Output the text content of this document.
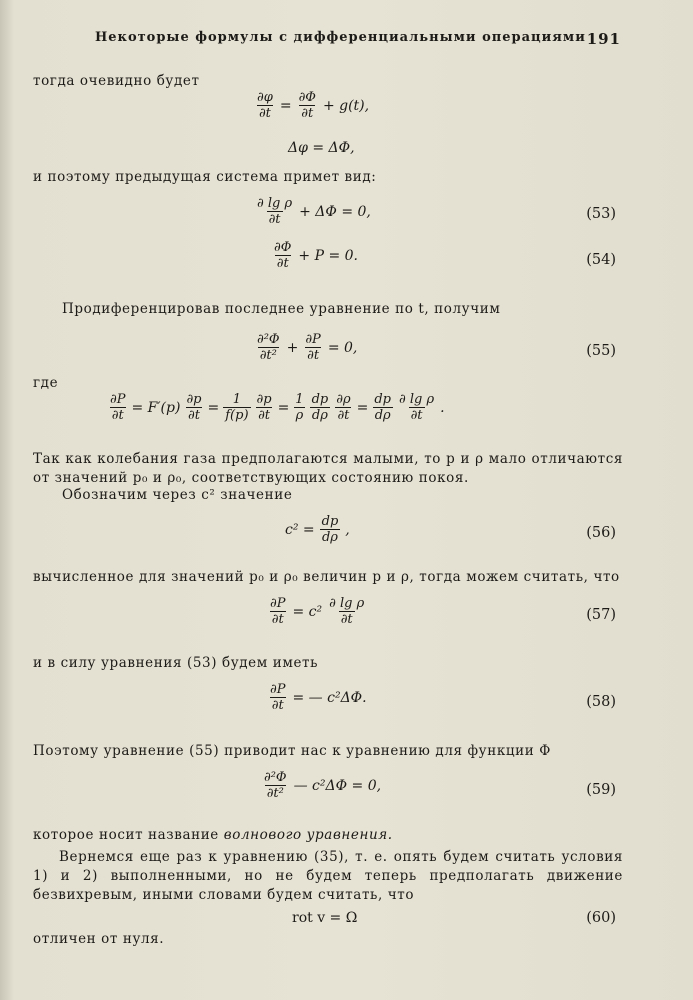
Некоторые формулы с дифференциальными операциями 191
тогда очевидно будет
$\frac{\partial\varphi}{\partial t} = \frac{\partial\Phi}{\partial t} + g(t)$,
Δφ = ΔΦ,
и поэтому предыдущая система примет вид:
$\frac{\text{∂ lg ρ}}{\partial t} + \Delta\Phi = 0$,	(53)
$\frac{\partial\Phi}{\partial t} + P = 0$.	(54)
Продиференцировав последнее уравнение по t, получим
$\frac{\text{∂²Φ}}{\text{∂t²}} + \frac{\partial P}{\partial t} = 0$,	(55)
где
$\frac{\partial P}{\partial t} = F'(p) \frac{\partial p}{\partial t} = \frac{1}{f(p)} \frac{\partial p}{\partial t} = \frac{1}{\rho} \frac{dp}{d\rho} \frac{\partial\rho}{\partial t} = \frac{dp}{d\rho} \frac{\text{∂ lg ρ}}{\partial t}$ .
Так как колебания газа предполагаются малыми, то p и ρ мало отличаются от значений p₀ и ρ₀, соответствующих состоянию покоя.
Обозначим через c² значение
$c^2 = \frac{dp}{d\rho}$ ,	(56)
вычисленное для значений p₀ и ρ₀ величин p и ρ, тогда можем считать, что
$\frac{\partial P}{\partial t} = c^2 \frac{\text{∂ lg ρ}}{\partial t}$	(57)
и в силу уравнения (53) будем иметь
$\frac{\partial P}{\partial t}$ = — c²ΔΦ.	(58)
Поэтому уравнение (55) приводит нас к уравнению для функции Φ
$\frac{\text{∂²Φ}}{\text{∂t²}}$ — c²ΔΦ = 0,	(59)
которое носит название волнового уравнения.
Вернемся еще раз к уравнению (35), т. е. опять будем считать условия 1) и 2) выполненными, но не будем теперь предполагать движение безвихревым, иными словами будем считать, что
rot v = Ω	(60)
отличен от нуля.
